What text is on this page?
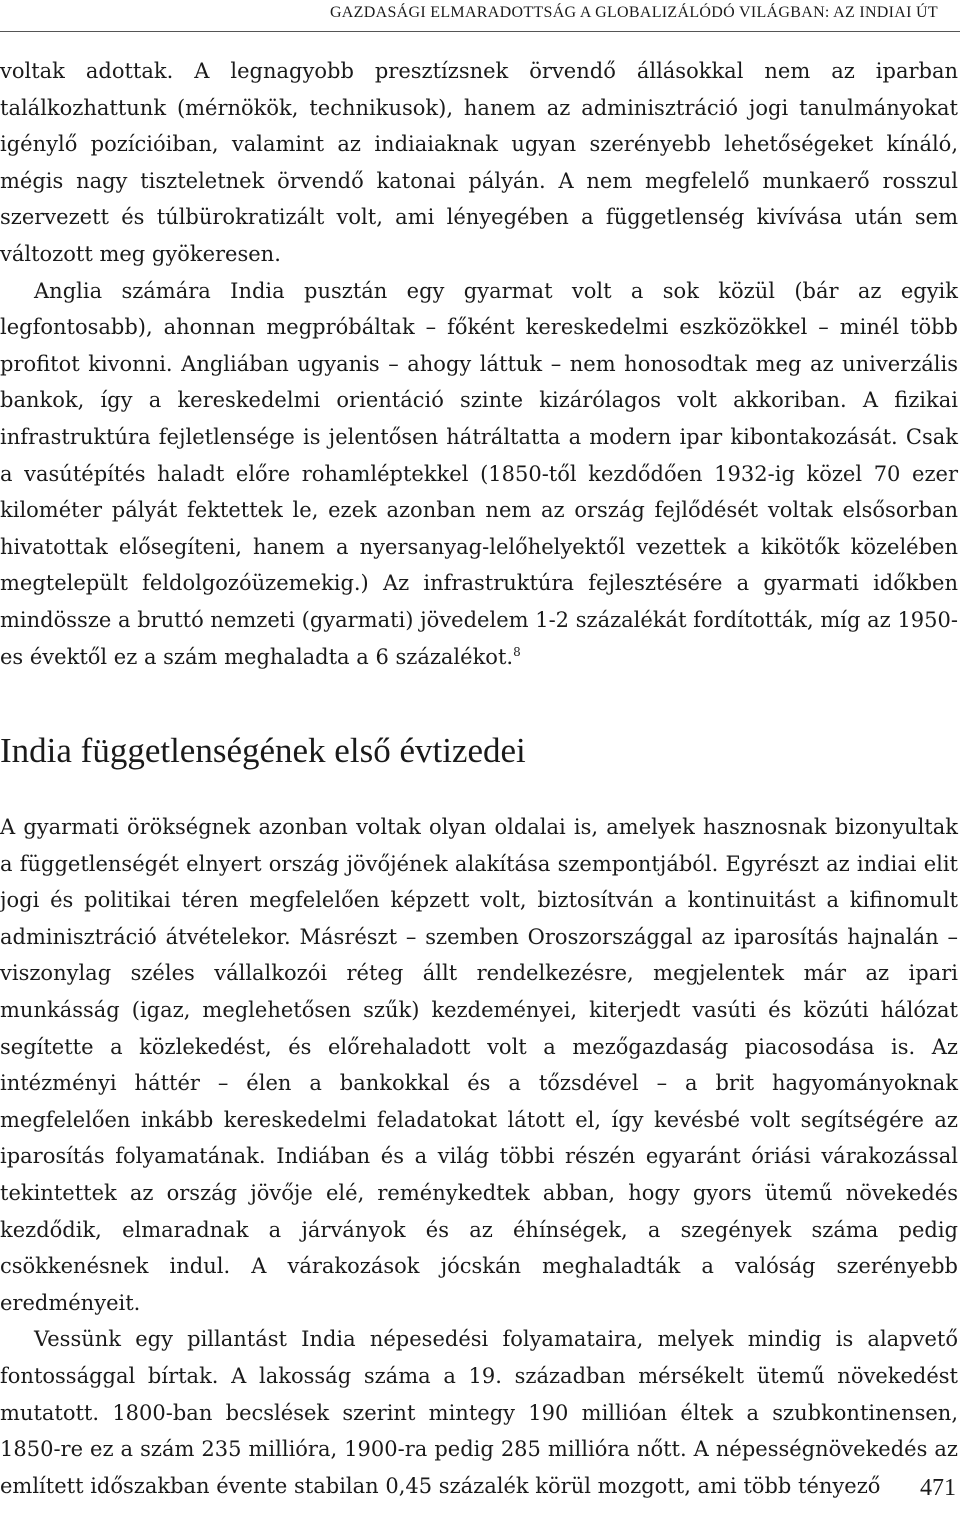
GAZDASÁGI ELMARADOTTSÁG A GLOBALIZÁLÓDÓ VILÁGBAN: AZ INDIAI ÚT

voltak adottak. A legnagyobb presztízsnek örvendő állásokkal nem az iparban találkozhattunk (mérnökök, technikusok), hanem az adminisztráció jogi tanulmányokat igénylő pozícióiban, valamint az indiaiaknak ugyan szerényebb lehetőségeket kínáló, mégis nagy tiszteletnek örvendő katonai pályán. A nem megfelelő munkaerő rosszul szervezett és túlbürokratizált volt, ami lényegében a függetlenség kivívása után sem változott meg gyökeresen.

Anglia számára India pusztán egy gyarmat volt a sok közül (bár az egyik legfontosabb), ahonnan megpróbáltak – főként kereskedelmi eszközökkel – minél több profitot kivonni. Angliában ugyanis – ahogy láttuk – nem honosodtak meg az univerzális bankok, így a kereskedelmi orientáció szinte kizárólagos volt akkoriban. A fizikai infrastruktúra fejletlensége is jelentősen hátráltatta a modern ipar kibontakozását. Csak a vasútépítés haladt előre rohamléptekkel (1850-től kezdődően 1932-ig közel 70 ezer kilométer pályát fektettek le, ezek azonban nem az ország fejlődését voltak elsősorban hivatottak elősegíteni, hanem a nyersanyag-lelőhelyektől vezettek a kikötők közelében megtelepült feldolgozóüzemekig.) Az infrastruktúra fejlesztésére a gyarmati időkben mindössze a bruttó nemzeti (gyarmati) jövedelem 1-2 százalékát fordították, míg az 1950-es évektől ez a szám meghaladta a 6 százalékot.$^8$

India függetlenségének első évtizedei

A gyarmati örökségnek azonban voltak olyan oldalai is, amelyek hasznosnak bizonyultak a függetlenségét elnyert ország jövőjének alakítása szempontjából. Egyrészt az indiai elit jogi és politikai téren megfelelően képzett volt, biztosítván a kontinuitást a kifinomult adminisztráció átvételekor. Másrészt – szemben Oroszországgal az iparosítás hajnalán – viszonylag széles vállalkozói réteg állt rendelkezésre, megjelentek már az ipari munkásság (igaz, meglehetősen szűk) kezdeményei, kiterjedt vasúti és közúti hálózat segítette a közlekedést, és előrehaladott volt a mezőgazdaság piacosodása is. Az intézményi háttér – élen a bankokkal és a tőzsdével – a brit hagyományoknak megfelelően inkább kereskedelmi feladatokat látott el, így kevésbé volt segítségére az iparosítás folyamatának. Indiában és a világ többi részén egyaránt óriási várakozással tekintettek az ország jövője elé, reménykedtek abban, hogy gyors ütemű növekedés kezdődik, elmaradnak a járványok és az éhínségek, a szegények száma pedig csökkenésnek indul. A várakozások jócskán meghaladták a valóság szerényebb eredményeit.

Vessünk egy pillantást India népesedési folyamataira, melyek mindig is alapvető fontossággal bírtak. A lakosság száma a 19. században mérsékelt ütemű növekedést mutatott. 1800-ban becslések szerint mintegy 190 millióan éltek a szubkontinensen, 1850-re ez a szám 235 millióra, 1900-ra pedig 285 millióra nőtt. A népességnövekedés az említett időszakban évente stabilan 0,45 százalék körül mozgott, ami több tényező	471
